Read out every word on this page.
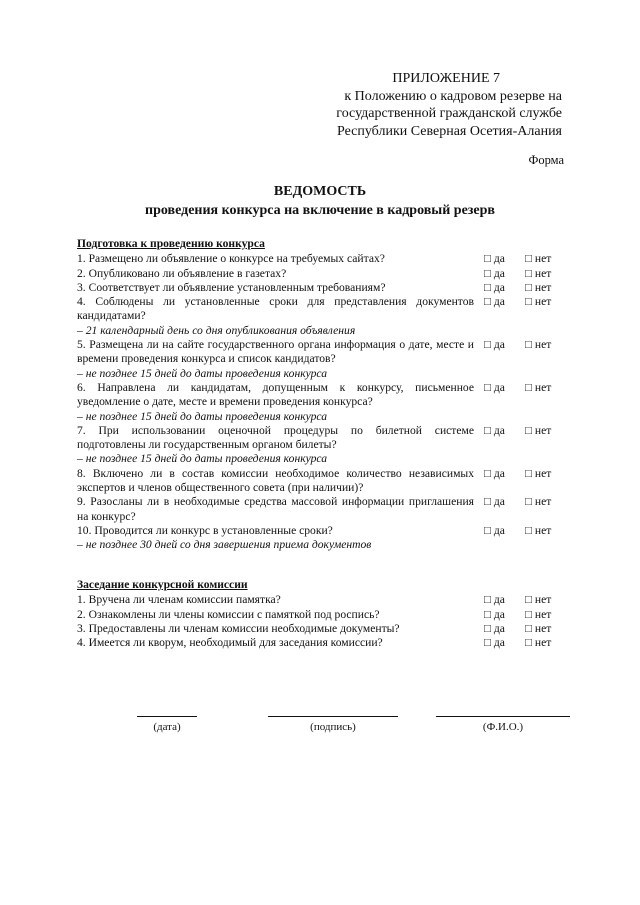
ПРИЛОЖЕНИЕ 7
к Положению о кадровом резерве на
государственной гражданской службе
Республики Северная Осетия-Алания
Форма
ВЕДОМОСТЬ
проведения конкурса на включение в кадровый резерв
Подготовка к проведению конкурса
1. Размещено ли объявление о конкурсе на требуемых сайтах?	□ да	□ нет
2. Опубликовано ли объявление в газетах?	□ да	□ нет
3. Соответствует ли объявление установленным требованиям?	□ да	□ нет
4. Соблюдены ли установленные сроки для представления документов кандидатами?
□ да	□ нет
– 21 календарный день со дня опубликования объявления
5. Размещена ли на сайте государственного органа информация о дате, месте и времени проведения конкурса и список кандидатов?
□ да	□ нет
– не позднее 15 дней до даты проведения конкурса
6. Направлена ли кандидатам, допущенным к конкурсу, письменное уведомление о дате, месте и времени проведения конкурса?
□ да	□ нет
– не позднее 15 дней до даты проведения конкурса
7. При использовании оценочной процедуры по билетной системе подготовлены ли государственным органом билеты?
□ да	□ нет
– не позднее 15 дней до даты проведения конкурса
8. Включено ли в состав комиссии необходимое количество независимых экспертов и членов общественного совета (при наличии)?
□ да	□ нет
9. Разосланы ли в необходимые средства массовой информации приглашения на конкурс?
□ да	□ нет
10. Проводится ли конкурс в установленные сроки?	□ да	□ нет
– не позднее 30 дней со дня завершения приема документов
Заседание конкурсной комиссии
1. Вручена ли членам комиссии памятка?	□ да	□ нет
2. Ознакомлены ли члены комиссии с памяткой под роспись?	□ да	□ нет
3. Предоставлены ли членам комиссии необходимые документы?	□ да	□ нет
4. Имеется ли кворум, необходимый для заседания комиссии?	□ да	□ нет
(дата)	(подпись)	(Ф.И.О.)
